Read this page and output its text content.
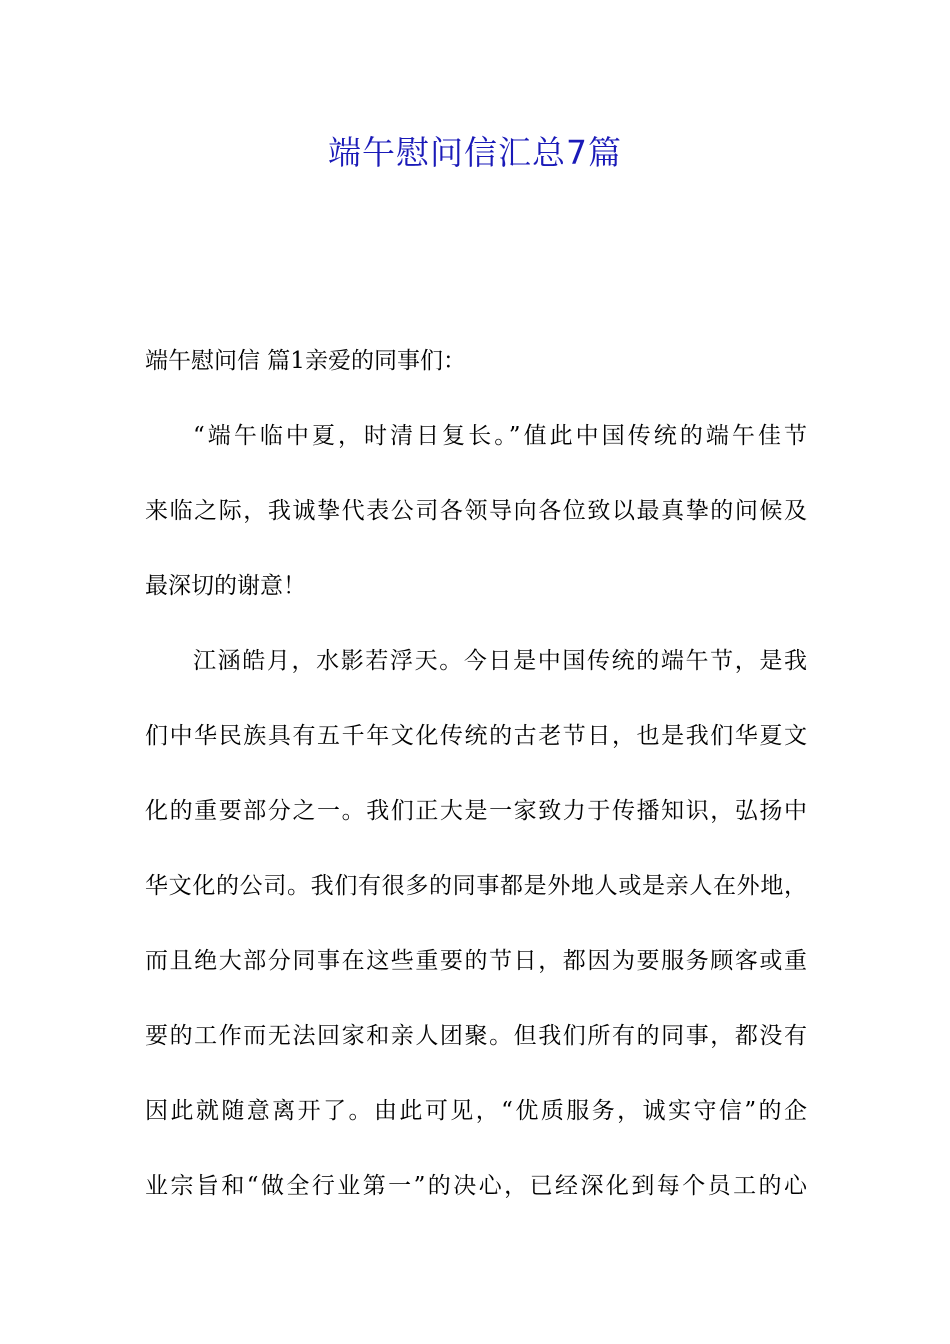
端午慰问信汇总7篇
端午慰问信 篇1亲爱的同事们：
“端午临中夏，时清日复长。”值此中国传统的端午佳节
来临之际，我诚挚代表公司各领导向各位致以最真挚的问候及
最深切的谢意！
江涵皓月，水影若浮天。今日是中国传统的端午节，是我
们中华民族具有五千年文化传统的古老节日，也是我们华夏文
化的重要部分之一。我们正大是一家致力于传播知识，弘扬中
华文化的公司。我们有很多的同事都是外地人或是亲人在外地，
而且绝大部分同事在这些重要的节日，都因为要服务顾客或重
要的工作而无法回家和亲人团聚。但我们所有的同事，都没有
因此就随意离开了。由此可见，“优质服务，诚实守信”的企
业宗旨和“做全行业第一”的决心，已经深化到每个员工的心
